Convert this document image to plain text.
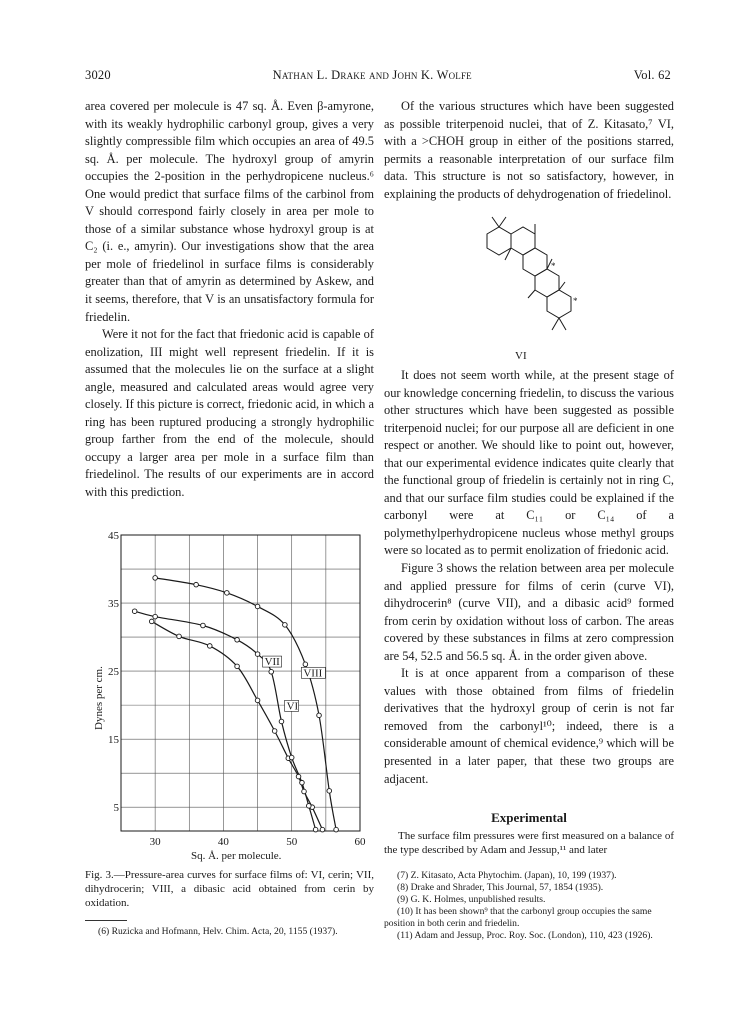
3020	Nathan L. Drake and John K. Wolfe	Vol. 62

area covered per molecule is 47 sq. Å. Even β-amyrone, with its weakly hydrophilic carbonyl group, gives a very slightly compressible film which occupies an area of 49.5 sq. Å. per molecule. The hydroxyl group of amyrin occupies the 2-position in the perhydropicene nucleus.⁶ One would predict that surface films of the carbinol from V should correspond fairly closely in area per mole to those of a similar substance whose hydroxyl group is at C₂ (i. e., amyrin). Our investigations show that the area per mole of friedelinol in surface films is considerably greater than that of amyrin as determined by Askew, and it seems, therefore, that V is an unsatisfactory formula for friedelin.

Were it not for the fact that friedonic acid is capable of enolization, III might well represent friedelin. If it is assumed that the molecules lie on the surface at a slight angle, measured and calculated areas would agree very closely. If this picture is correct, friedonic acid, in which a ring has been ruptured producing a strongly hydrophilic group farther from the end of the molecule, should occupy a larger area per mole in a surface film than friedelinol. The results of our experiments are in accord with this prediction.

Of the various structures which have been suggested as possible triterpenoid nuclei, that of Z. Kitasato,⁷ VI, with a >CHOH group in either of the positions starred, permits a reasonable interpretation of our surface film data. This structure is not so satisfactory, however, in explaining the products of dehydrogenation of friedelinol.

*
*
VI

It does not seem worth while, at the present stage of our knowledge concerning friedelin, to discuss the various other structures which have been suggested as possible triterpenoid nuclei; for our purpose all are deficient in one respect or another. We should like to point out, however, that our experimental evidence indicates quite clearly that the functional group of friedelin is certainly not in ring C, and that our surface film studies could be explained if the carbonyl were at C₁₁ or C₁₄ of a polymethylperhydropicene nucleus whose methyl groups were so located as to permit enolization of friedonic acid.

Figure 3 shows the relation between area per molecule and applied pressure for films of cerin (curve VI), dihydrocerin⁸ (curve VII), and a dibasic acid⁹ formed from cerin by oxidation without loss of carbon. The areas covered by these substances in films at zero compression are 54, 52.5 and 56.5 sq. Å. in the order given above.

It is at once apparent from a comparison of these values with those obtained from films of friedelin derivatives that the hydroxyl group of cerin is not far removed from the carbonyl¹⁰; indeed, there is a considerable amount of chemical evidence,⁹ which will be presented in a later paper, that these two groups are adjacent.

Experimental
The surface film pressures were first measured on a balance of the type described by Adam and Jessup,¹¹ and later
30	40	50	60
5
15
25
35
45
VI
VII
VIII
Sq. Å. per molecule.
Dynes per cm.
Fig. 3.—Pressure-area curves for surface films of: VI, cerin; VII, dihydrocerin; VIII, a dibasic acid obtained from cerin by oxidation.
(6) Ruzicka and Hofmann, Helv. Chim. Acta, 20, 1155 (1937).
(7) Z. Kitasato, Acta Phytochim. (Japan), 10, 199 (1937).
(8) Drake and Shrader, This Journal, 57, 1854 (1935).
(9) G. K. Holmes, unpublished results.
(10) It has been shown⁹ that the carbonyl group occupies the same position in both cerin and friedelin.
(11) Adam and Jessup, Proc. Roy. Soc. (London), 110, 423 (1926).
